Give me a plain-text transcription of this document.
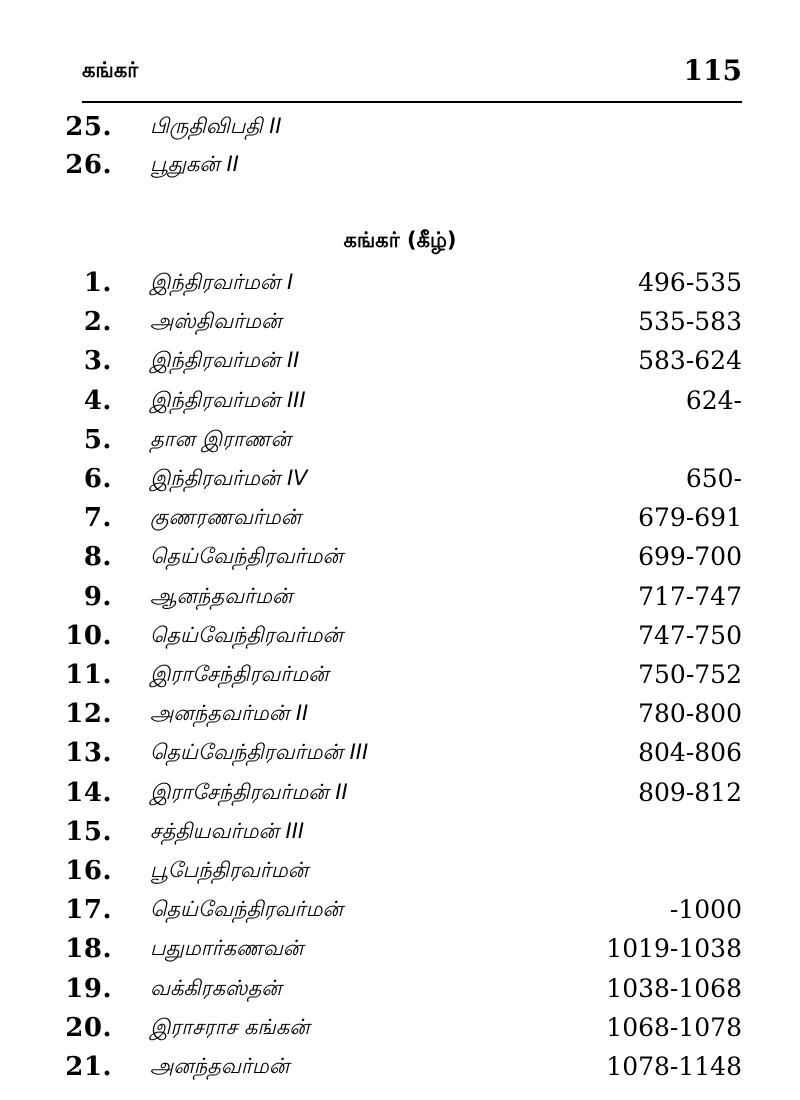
கங்கர்	115
25. பிருதிவிபதி II
26. பூதுகன் II
கங்கர் (கீழ்)
1. இந்திரவர்மன் I	496-535
2. அஸ்திவர்மன்	535-583
3. இந்திரவர்மன் II	583-624
4. இந்திரவர்மன் III	624-
5. தான இராணன்
6. இந்திரவர்மன் IV	650-
7. குணரணவர்மன்	679-691
8. தெய்வேந்திரவர்மன்	699-700
9. ஆனந்தவர்மன்	717-747
10. தெய்வேந்திரவர்மன்	747-750
11. இராசேந்திரவர்மன்	750-752
12. அனந்தவர்மன் II	780-800
13. தெய்வேந்திரவர்மன் III	804-806
14. இராசேந்திரவர்மன் II	809-812
15. சத்தியவர்மன் III
16. பூபேந்திரவர்மன்
17. தெய்வேந்திரவர்மன்	-1000
18. பதுமார்கணவன்	1019-1038
19. வக்கிரகஸ்தன்	1038-1068
20. இராசராச கங்கன்	1068-1078
21. அனந்தவர்மன்	1078-1148
